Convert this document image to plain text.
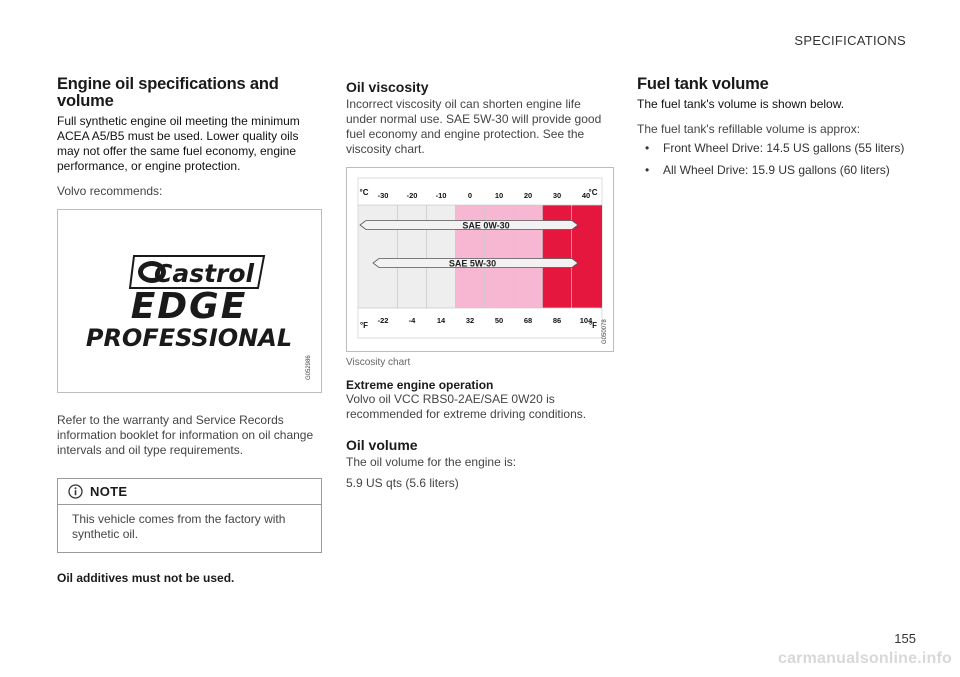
SPECIFICATIONS
Engine oil specifications and volume

Full synthetic engine oil meeting the minimum ACEA A5/B5 must be used. Lower quality oils may not offer the same fuel economy, engine performance, or engine protection.

Volvo recommends:

Castrol
EDGE
PROFESSIONAL
G052986

Refer to the warranty and Service Records information booklet for information on oil change intervals and oil type requirements.

NOTE

This vehicle comes from the factory with synthetic oil.

Oil additives must not be used.
Oil viscosity

Incorrect viscosity oil can shorten engine life under normal use. SAE 5W-30 will provide good fuel economy and engine protection. See the viscosity chart.

SAE 0W-30
SAE 5W-30
-30 -20 -10	0	10	20	30	40
-22	-4	14	32	50	68	86 104
°C	°C
°F	°F G050078
Viscosity chart
Extreme engine operation

Volvo oil VCC RBS0-2AE/SAE 0W20 is recommended for extreme driving conditions.

Oil volume

The oil volume for the engine is:

5.9 US qts (5.6 liters)

Fuel tank volume

The fuel tank's volume is shown below.

The fuel tank's refillable volume is approx:

• Front Wheel Drive: 14.5 US gallons (55 liters)
• All Wheel Drive: 15.9 US gallons (60 liters)
155
carmanualsonline.info
